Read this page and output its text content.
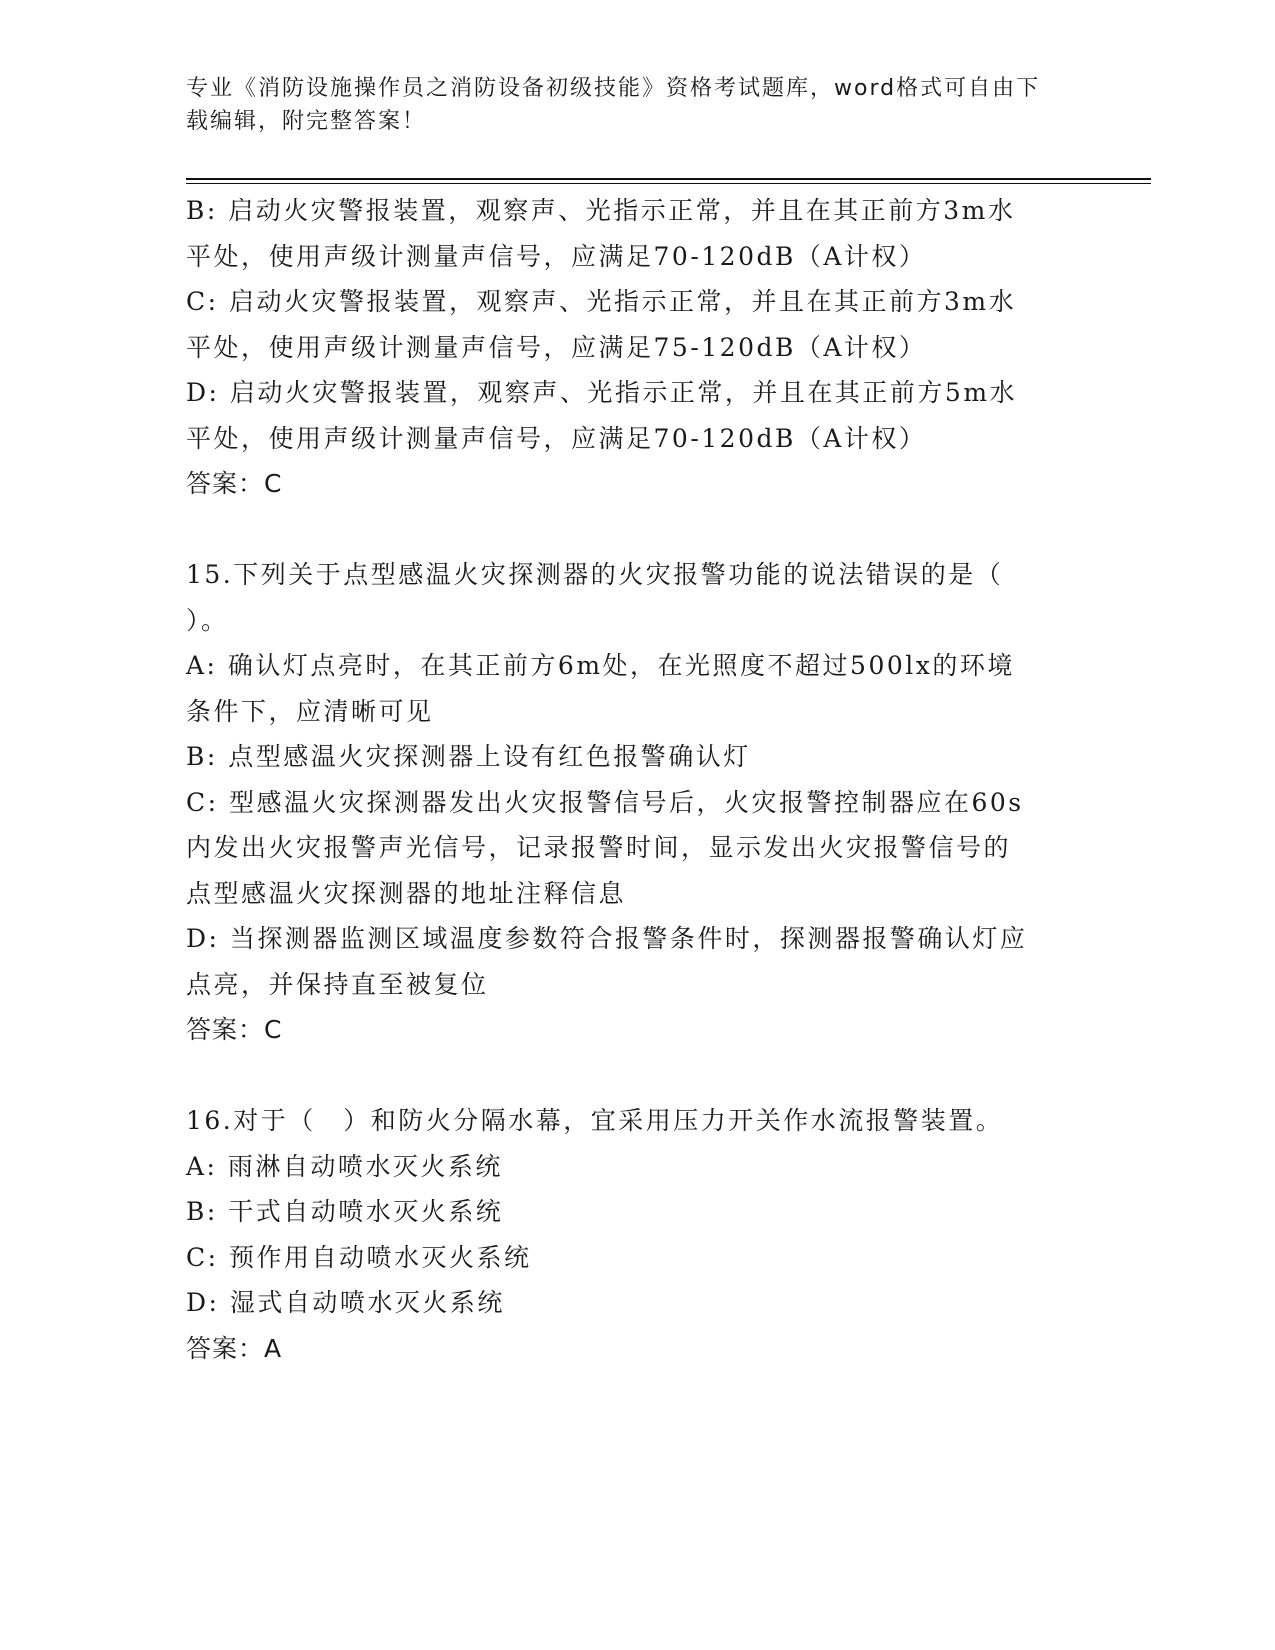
专业《消防设施操作员之消防设备初级技能》资格考试题库，word格式可自由下
载编辑，附完整答案！
B: 启动火灾警报装置，观察声、光指示正常，并且在其正前方3m水
平处，使用声级计测量声信号，应满足70-120dB（A计权）
C: 启动火灾警报装置，观察声、光指示正常，并且在其正前方3m水
平处，使用声级计测量声信号，应满足75-120dB（A计权）
D: 启动火灾警报装置，观察声、光指示正常，并且在其正前方5m水
平处，使用声级计测量声信号，应满足70-120dB（A计权）
答案：C
15.下列关于点型感温火灾探测器的火灾报警功能的说法错误的是（
）。
A: 确认灯点亮时，在其正前方6m处，在光照度不超过500lx的环境
条件下，应清晰可见
B: 点型感温火灾探测器上设有红色报警确认灯
C: 型感温火灾探测器发出火灾报警信号后，火灾报警控制器应在60s
内发出火灾报警声光信号，记录报警时间，显示发出火灾报警信号的
点型感温火灾探测器的地址注释信息
D: 当探测器监测区域温度参数符合报警条件时，探测器报警确认灯应
点亮，并保持直至被复位
答案：C
16.对于（　）和防火分隔水幕，宜采用压力开关作水流报警装置。
A: 雨淋自动喷水灭火系统
B: 干式自动喷水灭火系统
C: 预作用自动喷水灭火系统
D: 湿式自动喷水灭火系统
答案：A
